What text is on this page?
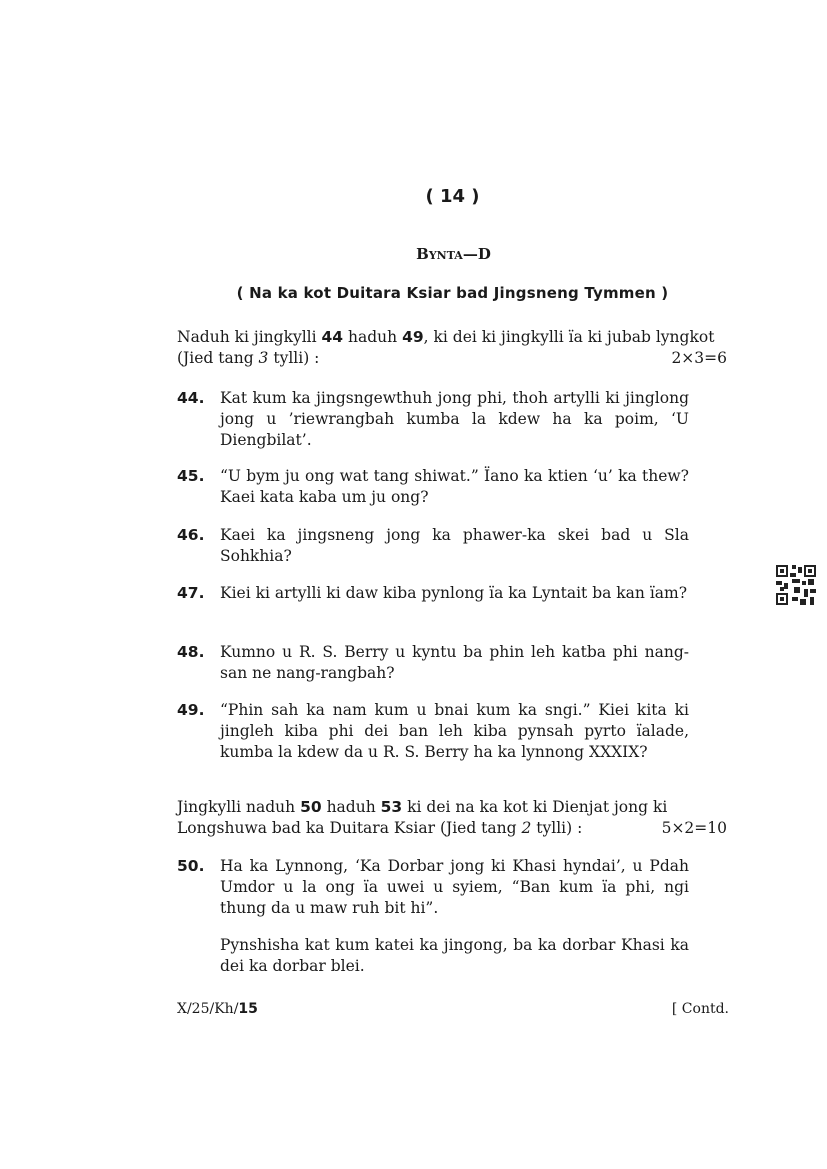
( 14 )
Bynta—D
( Na ka kot Duitara Ksiar bad Jingsneng Tymmen )
Naduh ki jingkylli 44 haduh 49, ki dei ki jingkylli ïa ki jubab lyngkot (Jied tang 3 tylli) :	2×3=6
44. Kat kum ka jingsngewthuh jong phi, thoh artylli ki jinglong jong u ’riewrangbah kumba la kdew ha ka poim, ‘U Diengbilat’.
45. “U bym ju ong wat tang shiwat.” Ïano ka ktien ‘u’ ka thew? Kaei kata kaba um ju ong?
46. Kaei ka jingsneng jong ka phawer-ka skei bad u Sla Sohkhia?
47. Kiei ki artylli ki daw kiba pynlong ïa ka Lyntait ba kan ïam?
48. Kumno u R. S. Berry u kyntu ba phin leh katba phi nang-san ne nang-rangbah?
49. “Phin sah ka nam kum u bnai kum ka sngi.” Kiei kita ki jingleh kiba phi dei ban leh kiba pynsah pyrto ïalade, kumba la kdew da u R. S. Berry ha ka lynnong XXXIX?
Jingkylli naduh 50 haduh 53 ki dei na ka kot ki Dienjat jong ki Longshuwa bad ka Duitara Ksiar (Jied tang 2 tylli) :	5×2=10
50. Ha ka Lynnong, ‘Ka Dorbar jong ki Khasi hyndai’, u Pdah Umdor u la ong ïa uwei u syiem, “Ban kum ïa phi, ngi thung da u maw ruh bit hi”.
Pynshisha kat kum katei ka jingong, ba ka dorbar Khasi ka dei ka dorbar blei.
X/25/Kh/15	[ Contd.
